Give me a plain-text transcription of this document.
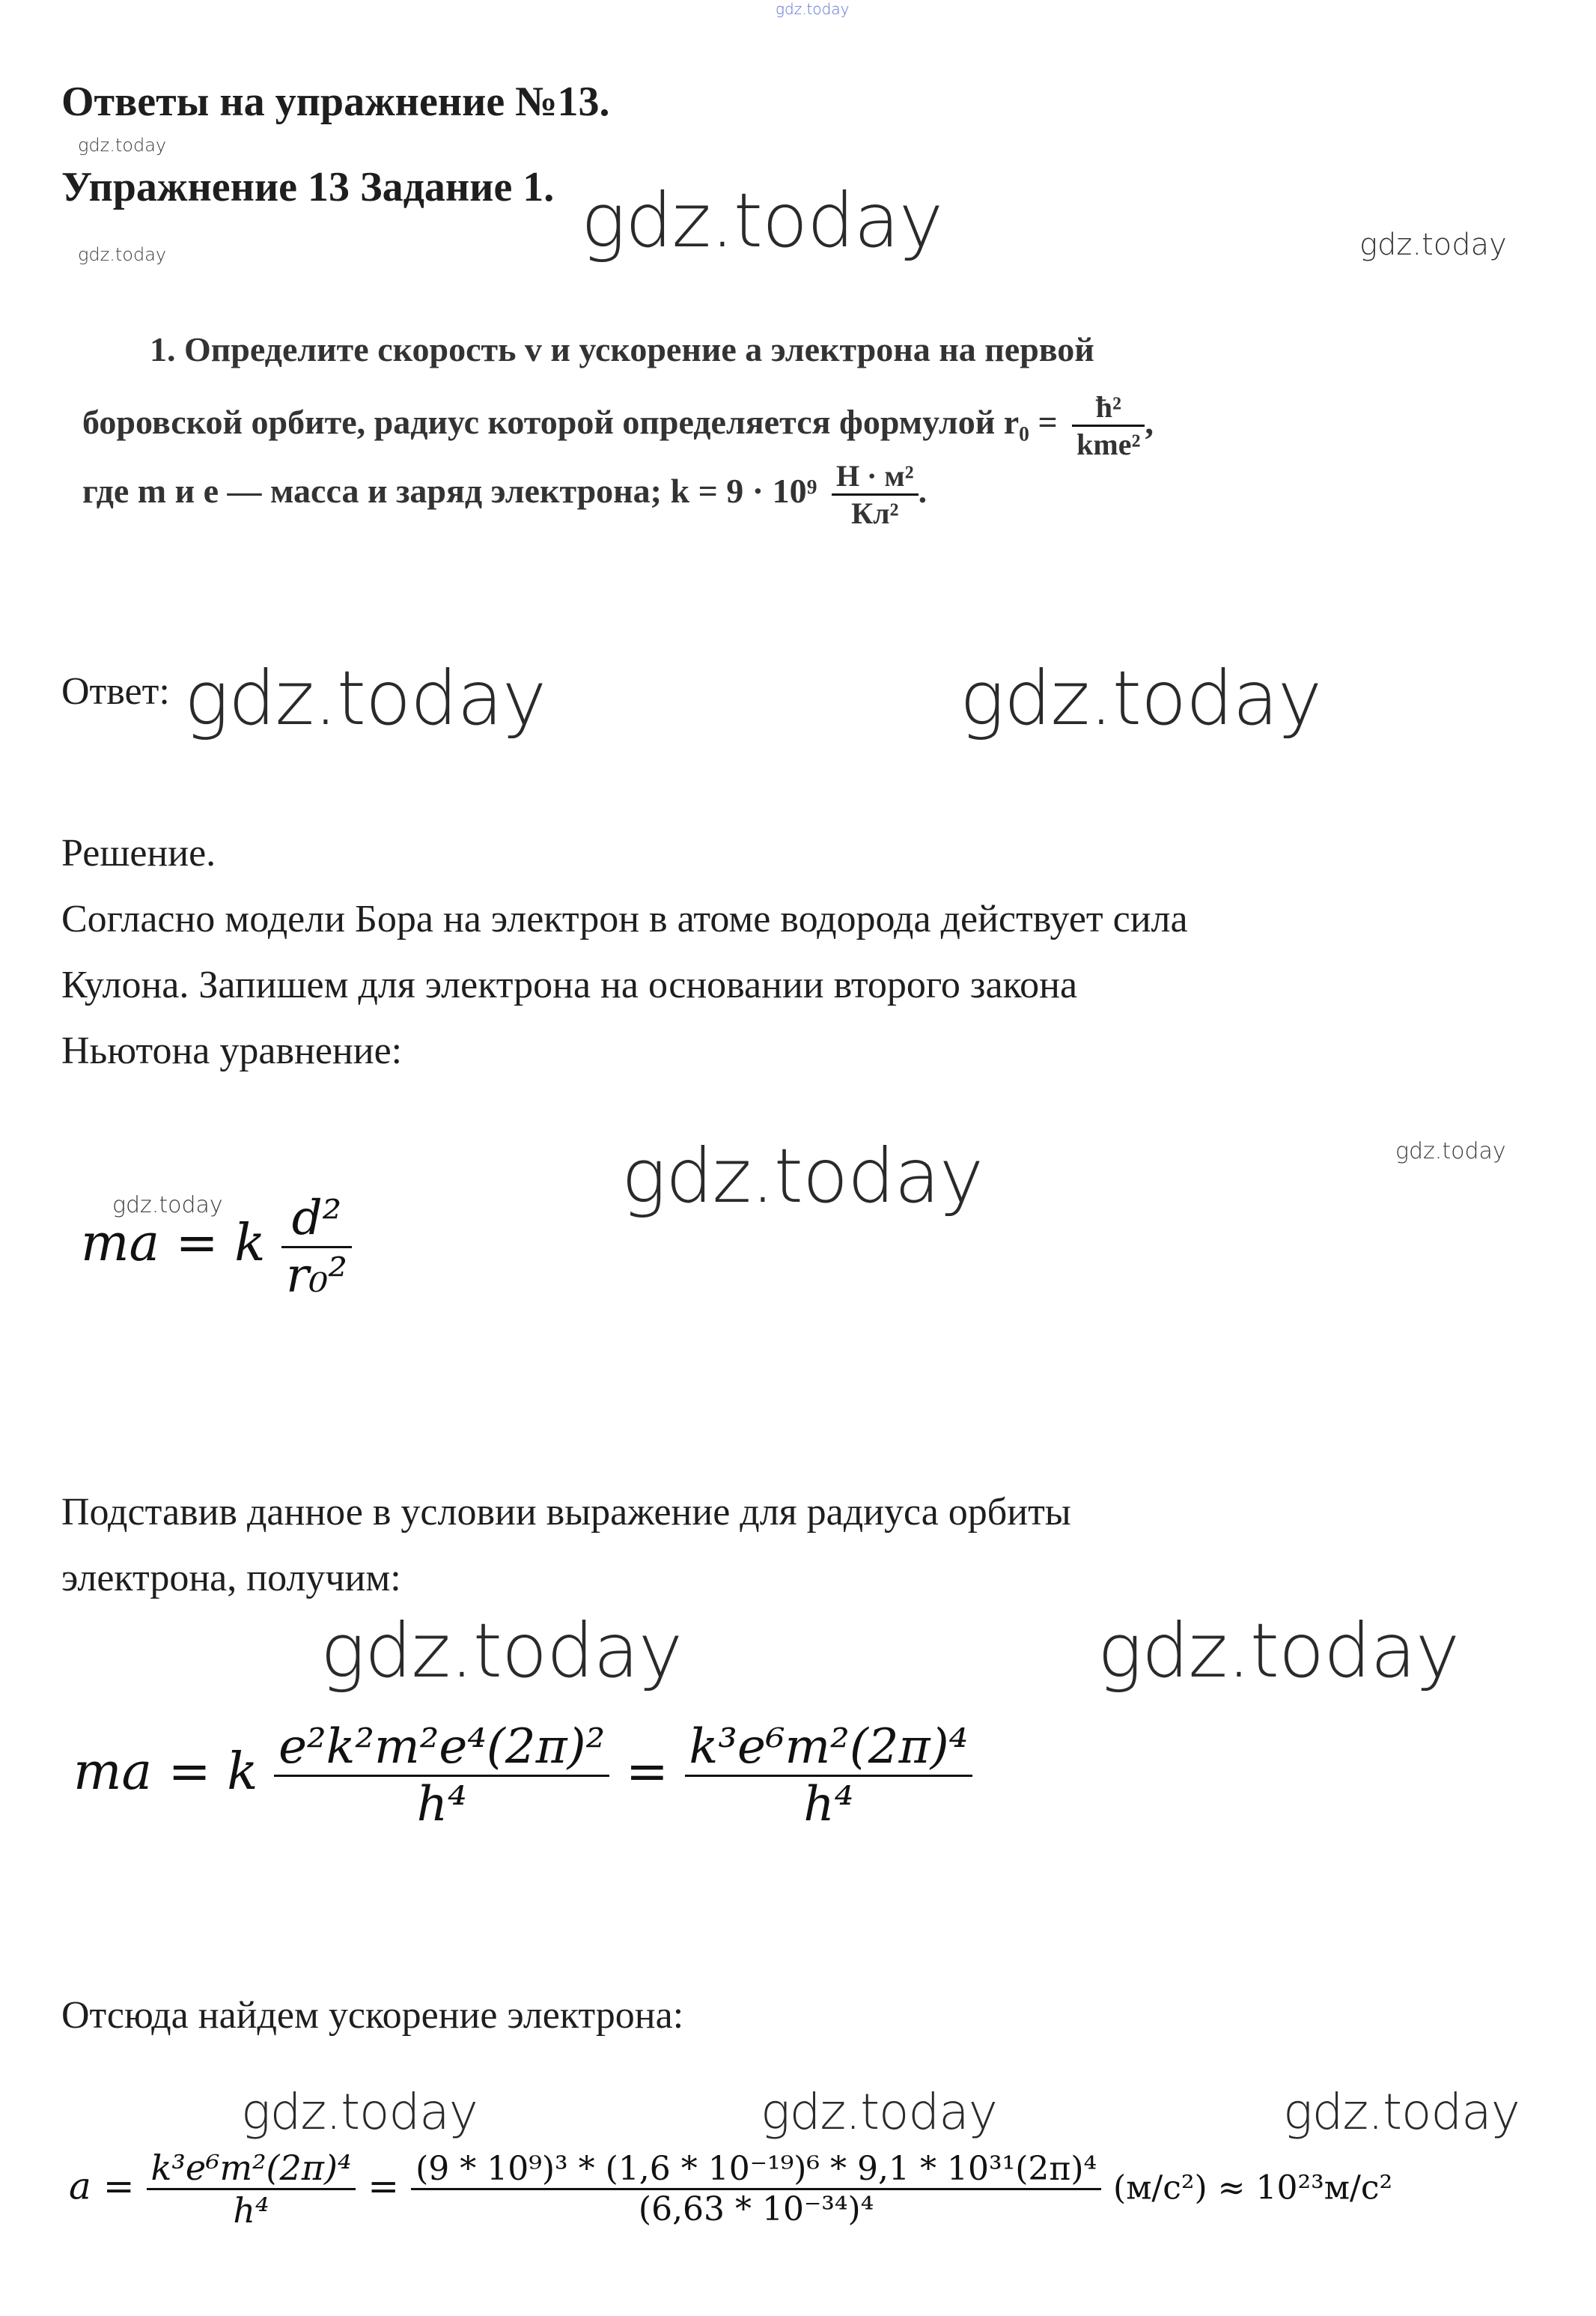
gdz.today
gdz.today
gdz.today	gdz.today	gdz.today
gdz.today	gdz.today
gdz.today	gdz.today
gdz.today
gdz.today	gdz.today
gdz.today	gdz.today	gdz.today
Ответы на упражнение №13.
Упражнение 13 Задание 1.
1. Определите скорость v и ускорение a электрона на первой
боровской орбите, радиус которой определяется формулой $r_0 = \frac{\text{ħ²}}{\text{kme²}}$ ,
где m и e — масса и заряд электрона; $k = 9 \cdot 10^9 \frac{\text{Н · м²}}{\text{Кл²}}$ .
Ответ:
Решение.
Согласно модели Бора на электрон в атоме водорода действует сила
Кулона. Запишем для электрона на основании второго закона
Ньютона уравнение:
ma = k $\frac{\text{d²}}{\text{r₀²}}$
Подставив данное в условии выражение для радиуса орбиты
электрона, получим:
ma = k $\frac{\text{e²k²m²e⁴(2π)²}}{\text{h⁴}} = \frac{\text{k³e⁶m²(2π)⁴}}{\text{h⁴}}$
Отсюда найдем ускорение электрона:
$a = \frac{\text{k³e⁶m²(2π)⁴}}{\text{h⁴}} = \frac{\text{(9 * 10⁹)³ * (1,6 * 10⁻¹⁹)⁶ * 9,1 * 10³¹(2π)⁴}}{\text{(6,63 * 10⁻³⁴)⁴}} (м/с^2) \approx 10^{23}м/с^2$
